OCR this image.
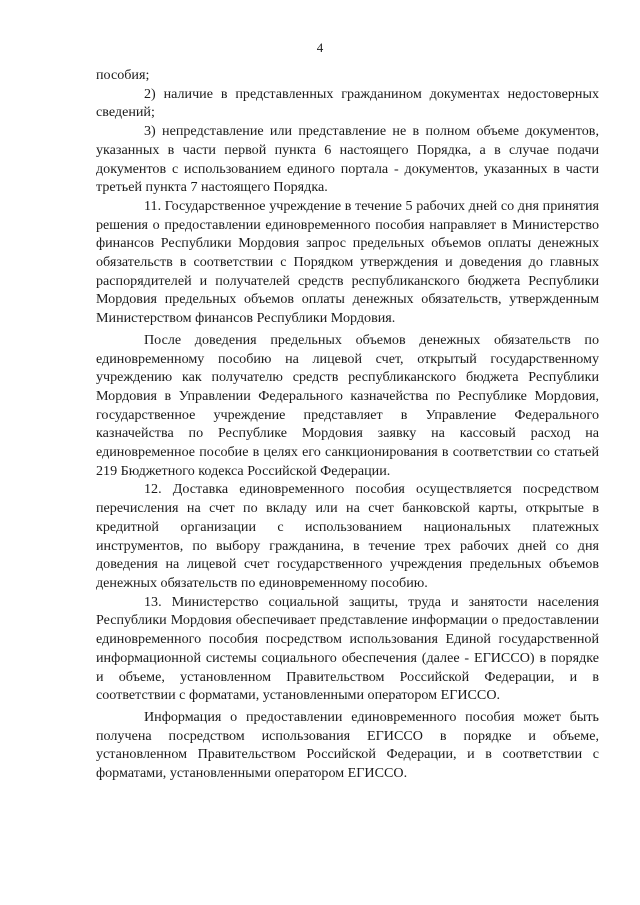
4

пособия;

2) наличие в представленных гражданином документах недостоверных сведений;

3) непредставление или представление не в полном объеме документов, указанных в части первой пункта 6 настоящего Порядка, а в случае подачи документов с использованием единого портала - документов, указанных в части третьей пункта 7 настоящего Порядка.

11. Государственное учреждение в течение 5 рабочих дней со дня принятия решения о предоставлении единовременного пособия направляет в Министерство финансов Республики Мордовия запрос предельных объемов оплаты денежных обязательств в соответствии с Порядком утверждения и доведения до главных распорядителей и получателей средств республиканского бюджета Республики Мордовия предельных объемов оплаты денежных обязательств, утвержденным Министерством финансов Республики Мордовия.

После доведения предельных объемов денежных обязательств по единовременному пособию на лицевой счет, открытый государственному учреждению как получателю средств республиканского бюджета Республики Мордовия в Управлении Федерального казначейства по Республике Мордовия, государственное учреждение представляет в Управление Федерального казначейства по Республике Мордовия заявку на кассовый расход на единовременное пособие в целях его санкционирования в соответствии со статьей 219 Бюджетного кодекса Российской Федерации.

12. Доставка единовременного пособия осуществляется посредством перечисления на счет по вкладу или на счет банковской карты, открытые в кредитной организации с использованием национальных платежных инструментов, по выбору гражданина, в течение трех рабочих дней со дня доведения на лицевой счет государственного учреждения предельных объемов денежных обязательств по единовременному пособию.

13. Министерство социальной защиты, труда и занятости населения Республики Мордовия обеспечивает представление информации о предоставлении единовременного пособия посредством использования Единой государственной информационной системы социального обеспечения (далее - ЕГИССО) в порядке и объеме, установленном Правительством Российской Федерации, и в соответствии с форматами, установленными оператором ЕГИССО.

Информация о предоставлении единовременного пособия может быть получена посредством использования ЕГИССО в порядке и объеме, установленном Правительством Российской Федерации, и в соответствии с форматами, установленными оператором ЕГИССО.
